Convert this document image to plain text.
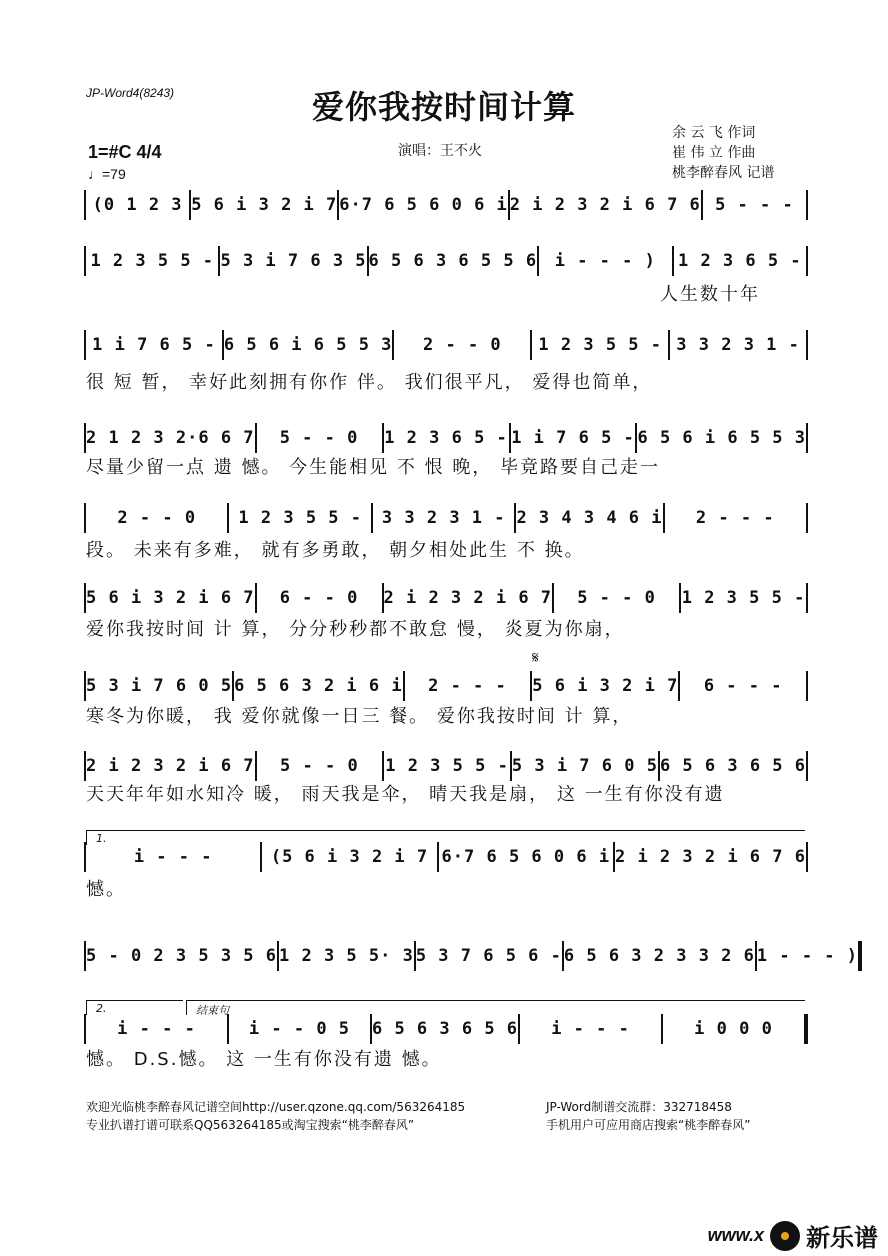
JP-Word4(8243)	爱你我按时间计算
演唱：王不火
余 云 飞 作词
崔 伟 立 作曲
桃李醉春风 记谱
1=#C 4/4
♩=79
(0 1 2 3 5 6 i 3 2 i 7 6·7 6 5 6 0 6 i 2 i 2 3 2 i 6 7 6 5 - - -
1 2 3 5 5 - 5 3 i 7 6 3 5 6 5 6 3 6 5 5 6	i - - - )	1 2 3 6 5 -
人生数十年
1 i 7 6 5 - 6 5 6 i 6 5 5 3	2 - - 0	1 2 3 5 5 - 3 3 2 3 1 -
很 短 暂， 幸好此刻拥有你作 伴。 我们很平凡， 爱得也简单，
2 1 2 3 2·6 6 7	5 - - 0	1 2 3 6 5 - 1 i 7 6 5 - 6 5 6 i 6 5 5 3
尽量少留一点 遗 憾。 今生能相见 不 恨 晚， 毕竟路要自己走一
2 - - 0	1 2 3 5 5 -	3 3 2 3 1 - 2 3 4 3 4 6 i	2 - - -
段。 未来有多难， 就有多勇敢， 朝夕相处此生 不 换。
5 6 i 3 2 i 6 7	6 - - 0	2 i 2 3 2 i 6 7	5 - - 0	1 2 3 5 5 -
爱你我按时间 计 算， 分分秒秒都不敢怠 慢， 炎夏为你扇，
5 3 i 7 6 0 5 6 5 6 3 2 i 6 i	2 - - -	5 6 i 3 2 i 7	6 - - -
寒冬为你暖， 我 爱你就像一日三 餐。 爱你我按时间 计 算，
2 i 2 3 2 i 6 7	5 - - 0	1 2 3 5 5 - 5 3 i 7 6 0 5 6 5 6 3 6 5 6
天天年年如水知冷 暖， 雨天我是伞， 晴天我是扇， 这 一生有你没有遗
i - - -	(5 6 i 3 2 i 7 6·7 6 5 6 0 6 i 2 i 2 3 2 i 6 7 6
憾。
5 - 0 2 3 5 3 5 6 1 2 3 5 5· 3 5 3 7 6 5 6 - 6 5 6 3 2 3 3 2 6 1 - - - )
i - - -	i - - 0 5	6 5 6 3 6 5 6	i - - -	i 0 0 0
憾。 D.S.憾。 这 一生有你没有遗 憾。
𝄋
1.
2.	结束句
欢迎光临桃李醉春风记谱空间http://user.qzone.qq.com/563264185	JP-Word制谱交流群：332718458
专业扒谱打谱可联系QQ563264185或淘宝搜索“桃李醉春风”	手机用户可应用商店搜索“桃李醉春风”
www.x 新乐谱
